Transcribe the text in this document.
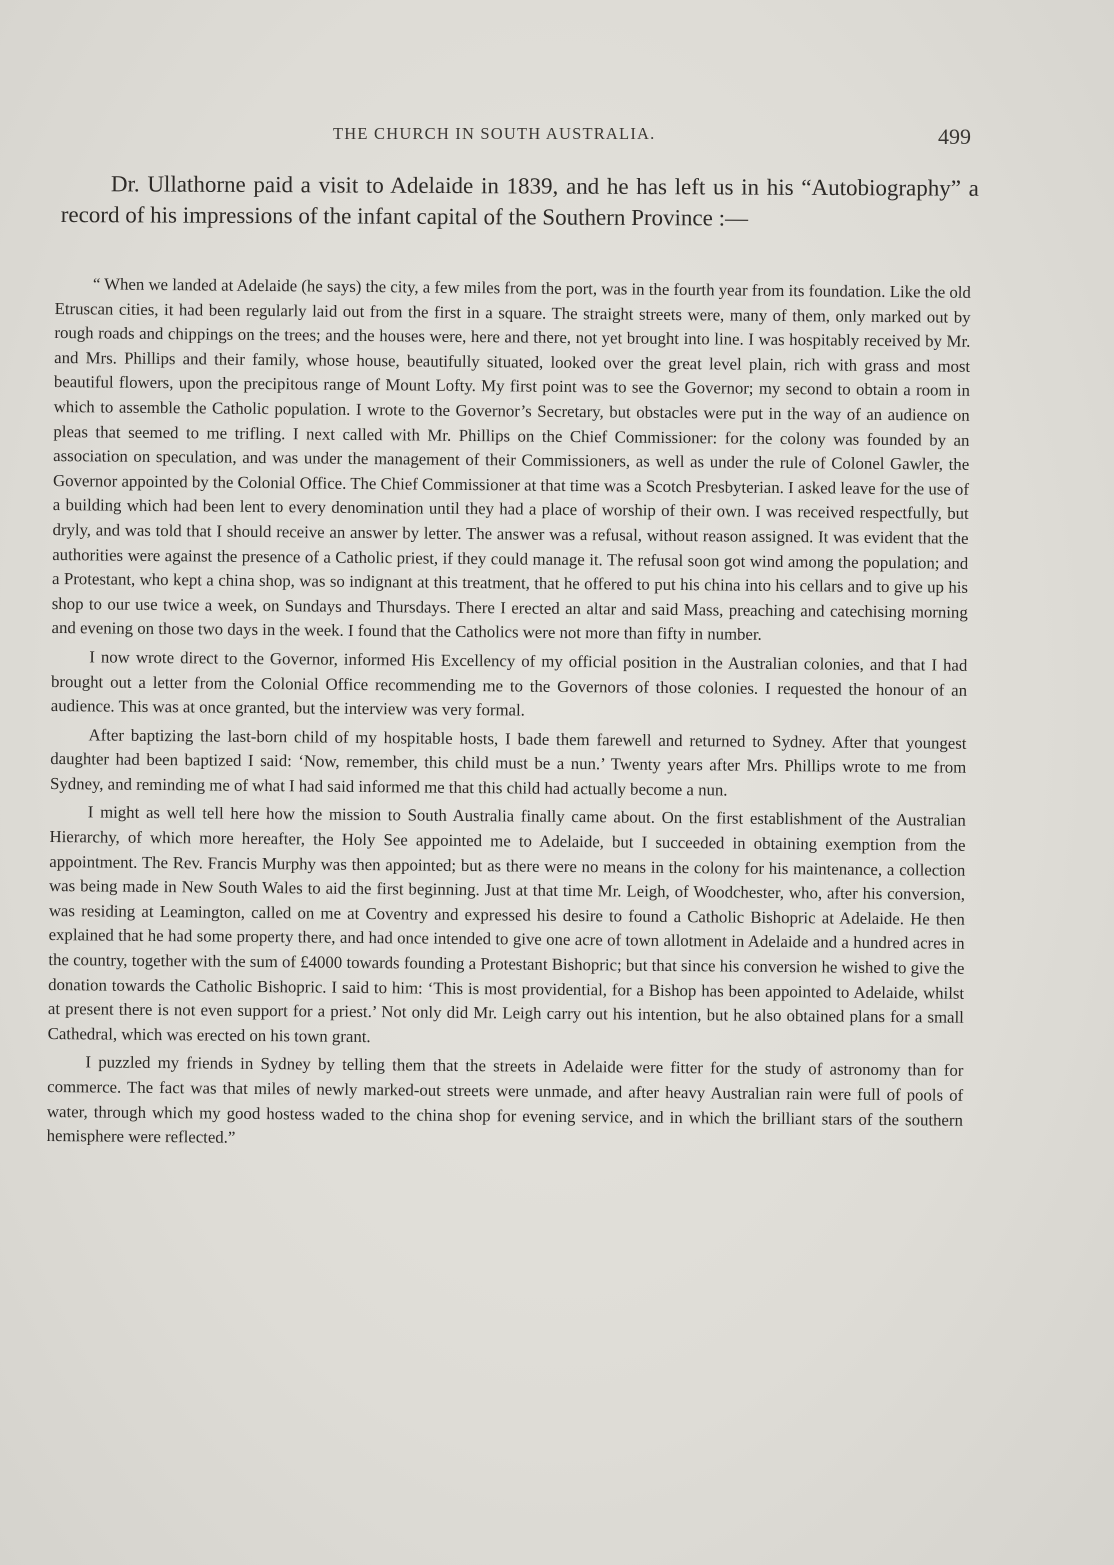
THE CHURCH IN SOUTH AUSTRALIA.	499

Dr. Ullathorne paid a visit to Adelaide in 1839, and he has left us in his “Autobiography” a record of his impressions of the infant capital of the Southern Province :—

“ When we landed at Adelaide (he says) the city, a few miles from the port, was in the fourth year from its foundation. Like the old Etruscan cities, it had been regularly laid out from the first in a square. The straight streets were, many of them, only marked out by rough roads and chippings on the trees; and the houses were, here and there, not yet brought into line. I was hospitably received by Mr. and Mrs. Phillips and their family, whose house, beautifully situated, looked over the great level plain, rich with grass and most beautiful flowers, upon the precipitous range of Mount Lofty. My first point was to see the Governor; my second to obtain a room in which to assemble the Catholic population. I wrote to the Governor’s Secretary, but obstacles were put in the way of an audience on pleas that seemed to me trifling. I next called with Mr. Phillips on the Chief Commissioner: for the colony was founded by an association on speculation, and was under the management of their Commissioners, as well as under the rule of Colonel Gawler, the Governor appointed by the Colonial Office. The Chief Commissioner at that time was a Scotch Presbyterian. I asked leave for the use of a building which had been lent to every denomination until they had a place of worship of their own. I was received respectfully, but dryly, and was told that I should receive an answer by letter. The answer was a refusal, without reason assigned. It was evident that the authorities were against the presence of a Catholic priest, if they could manage it. The refusal soon got wind among the population; and a Protestant, who kept a china shop, was so indignant at this treatment, that he offered to put his china into his cellars and to give up his shop to our use twice a week, on Sundays and Thursdays. There I erected an altar and said Mass, preaching and catechising morning and evening on those two days in the week. I found that the Catholics were not more than fifty in number.

I now wrote direct to the Governor, informed His Excellency of my official position in the Australian colonies, and that I had brought out a letter from the Colonial Office recommending me to the Governors of those colonies. I requested the honour of an audience. This was at once granted, but the interview was very formal.

After baptizing the last-born child of my hospitable hosts, I bade them farewell and returned to Sydney. After that youngest daughter had been baptized I said: ‘Now, remember, this child must be a nun.’ Twenty years after Mrs. Phillips wrote to me from Sydney, and reminding me of what I had said informed me that this child had actually become a nun.

I might as well tell here how the mission to South Australia finally came about. On the first establishment of the Australian Hierarchy, of which more hereafter, the Holy See appointed me to Adelaide, but I succeeded in obtaining exemption from the appointment. The Rev. Francis Murphy was then appointed; but as there were no means in the colony for his maintenance, a collection was being made in New South Wales to aid the first beginning. Just at that time Mr. Leigh, of Woodchester, who, after his conversion, was residing at Leamington, called on me at Coventry and expressed his desire to found a Catholic Bishopric at Adelaide. He then explained that he had some property there, and had once intended to give one acre of town allotment in Adelaide and a hundred acres in the country, together with the sum of £4000 towards founding a Protestant Bishopric; but that since his conversion he wished to give the donation towards the Catholic Bishopric. I said to him: ‘This is most providential, for a Bishop has been appointed to Adelaide, whilst at present there is not even support for a priest.’ Not only did Mr. Leigh carry out his intention, but he also obtained plans for a small Cathedral, which was erected on his town grant.

I puzzled my friends in Sydney by telling them that the streets in Adelaide were fitter for the study of astronomy than for commerce. The fact was that miles of newly marked-out streets were unmade, and after heavy Australian rain were full of pools of water, through which my good hostess waded to the china shop for evening service, and in which the brilliant stars of the southern hemisphere were reflected.”
